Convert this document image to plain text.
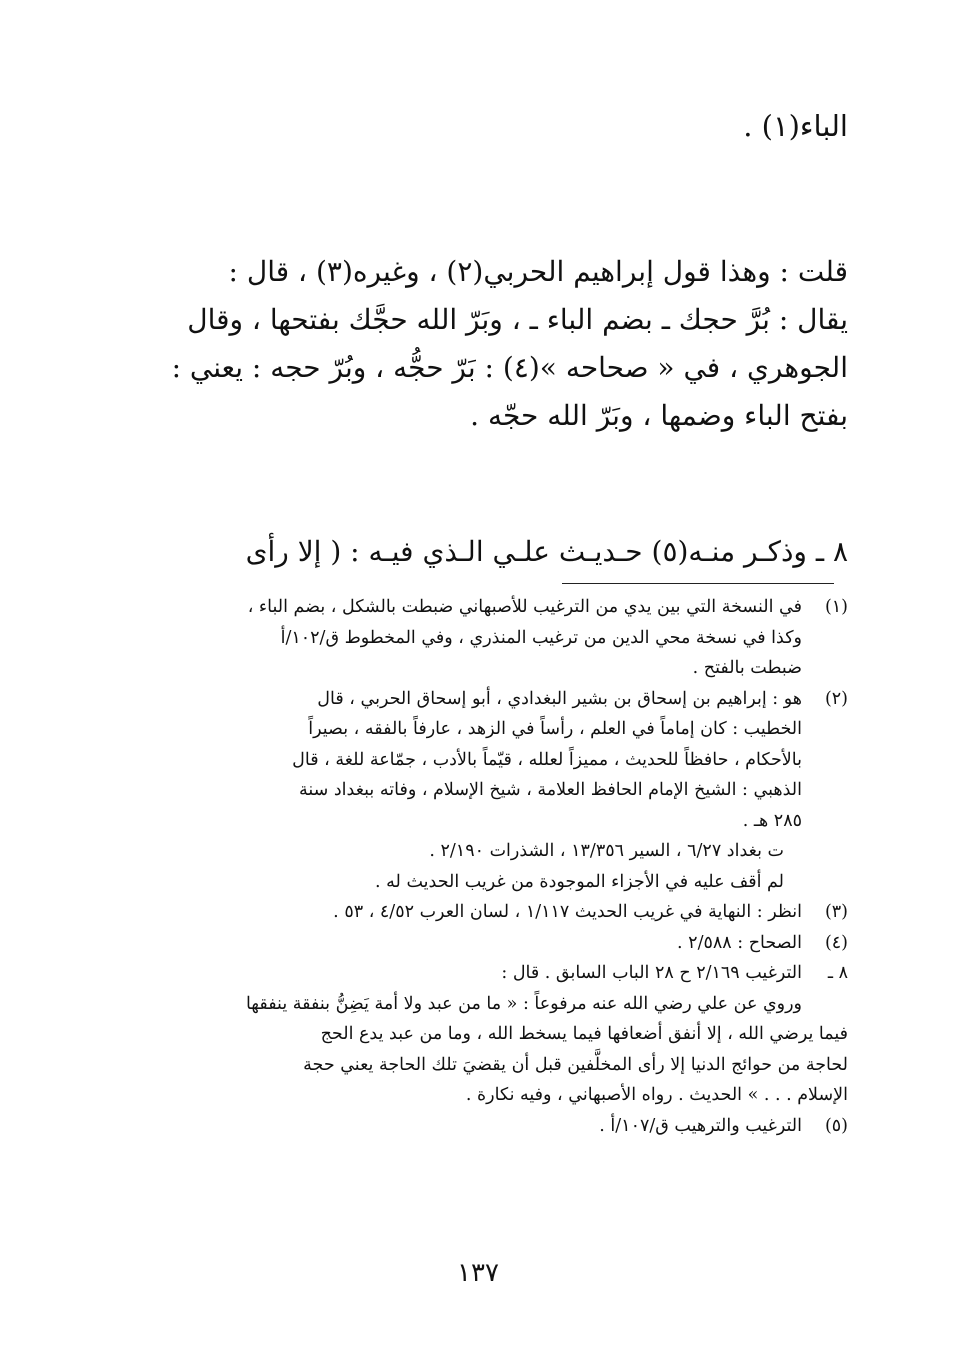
الباء(١) .
قلت : وهذا قول إبراهيم الحربي(٢) ، وغيره(٣) ، قال :
يقال : بُرَّ حجك ـ بضم الباء ـ ، وبَرّ الله حجَّك بفتحها ، وقال
الجوهري ، في « صحاحه »(٤) : بَرّ حجُّه ، وبُرّ حجه : يعني :
بفتح الباء وضمها ، وبَرّ الله حجّه .
٨ ـ وذكـر منـه(٥) حـديـث علـي الـذي فيـه : ( إلا رأى
(١)
في النسخة التي بين يدي من الترغيب للأصبهاني ضبطت بالشكل ، بضم الباء ،
وكذا في نسخة محي الدين من ترغيب المنذري ، وفي المخطوط ق/١٠٢/أ
ضبطت بالفتح .
(٢)
هو : إبراهيم بن إسحاق بن بشير البغدادي ، أبو إسحاق الحربي ، قال
الخطيب : كان إماماً في العلم ، رأساً في الزهد ، عارفاً بالفقه ، بصيراً
بالأحكام ، حافظاً للحديث ، مميزاً لعلله ، قيّماً بالأدب ، جمّاعة للغة ، قال
الذهبي : الشيخ الإمام الحافظ العلامة ، شيخ الإسلام ، وفاته ببغداد سنة
٢٨٥ هـ .
ت بغداد ٦/٢٧ ، السير ١٣/٣٥٦ ، الشذرات ٢/١٩٠ .
لم أقف عليه في الأجزاء الموجودة من غريب الحديث له .
(٣)
انظر : النهاية في غريب الحديث ١/١١٧ ، لسان العرب ٤/٥٢ ، ٥٣ .
(٤)
الصحاح : ٢/٥٨٨ .
٨ ـ
الترغيب ٢/١٦٩ ح ٢٨ الباب السابق . قال :
وروي عن علي رضي الله عنه مرفوعاً : « ما من عبد ولا أمة يَضِنُّ بنفقة ينفقها
فيما يرضي الله ، إلا أنفق أضعافها فيما يسخط الله ، وما من عبد يدع الحج
لحاجة من حوائج الدنيا إلا رأى المخلَّفين قبل أن يقضيَ تلك الحاجة يعني حجة
الإسلام . . . » الحديث . رواه الأصبهاني ، وفيه نكارة .
(٥)
الترغيب والترهيب ق/١٠٧/أ .
١٣٧
